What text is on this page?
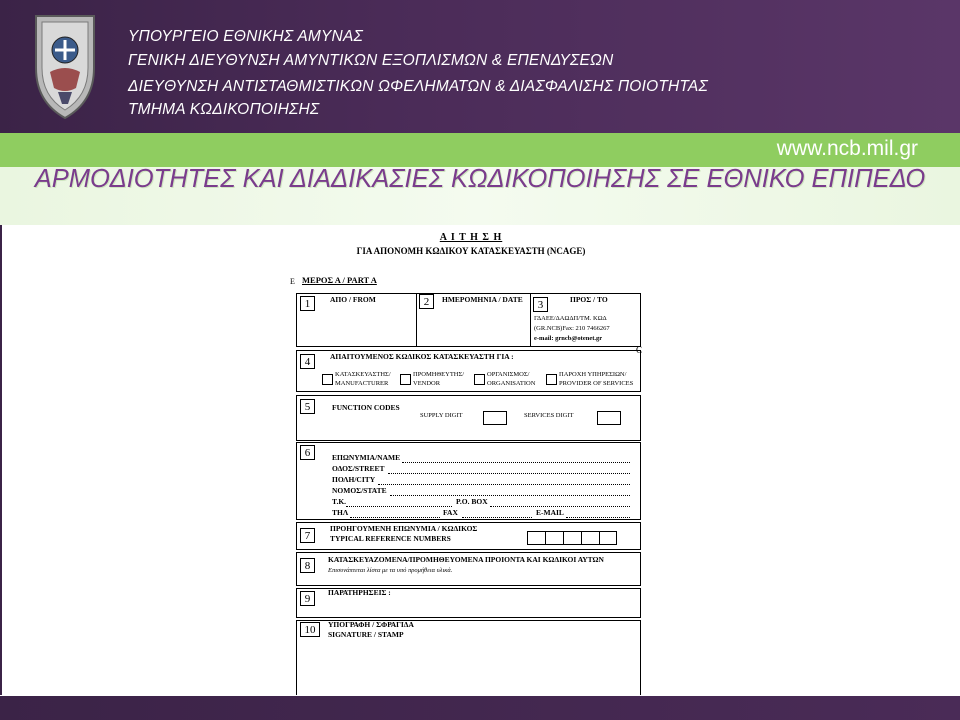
ΥΠΟΥΡΓΕΙΟ ΕΘΝΙΚΗΣ ΑΜΥΝΑΣ
ΓΕΝΙΚΗ ΔΙΕΥΘΥΝΣΗ ΑΜΥΝΤΙΚΩΝ ΕΞΟΠΛΙΣΜΩΝ & ΕΠΕΝΔΥΣΕΩΝ
ΔΙΕΥΘΥΝΣΗ ΑΝΤΙΣΤΑΘΜΙΣΤΙΚΩΝ ΩΦΕΛΗΜΑΤΩΝ & ΔΙΑΣΦΑΛΙΣΗΣ ΠΟΙΟΤΗΤΑΣ
ΤΜΗΜΑ ΚΩΔΙΚΟΠΟΙΗΣΗΣ
www.ncb.mil.gr
ΑΡΜΟΔΙΟΤΗΤΕΣ ΚΑΙ ΔΙΑΔΙΚΑΣΙΕΣ ΚΩΔΙΚΟΠΟΙΗΣΗΣ ΣΕ ΕΘΝΙΚΟ ΕΠΙΠΕΔΟ
Α Ι Τ Η Σ Η
ΓΙΑ ΑΠΟΝΟΜΗ ΚΩΔΙΚΟΥ ΚΑΤΑΣΚΕΥΑΣΤΗ (NCAGE)
ΜΕΡΟΣ Α / PART A
E
1	ΑΠΟ / FROM	2	ΗΜΕΡΟΜΗΝΙΑ / DATE	3	ΠΡΟΣ / TO
ΓΔΑΕΕ/ΔΑΩΔΠ/ΤΜ. ΚΩΔ
(GR.NCB)Fax: 210 7466267
e-mail: grncb@otenet.gr
C
4	ΑΠΑΙΤΟΥΜΕΝΟΣ ΚΩΔΙΚΟΣ ΚΑΤΑΣΚΕΥΑΣΤΗ ΓΙΑ :
ΚΑΤΑΣΚΕΥΑΣΤΗΣ/
MANUFACTURER
ΠΡΟΜΗΘΕΥΤΗΣ/
VENDOR
ΟΡΓΑΝΙΣΜΟΣ/
ORGANISATION
ΠΑΡΟΧΗ ΥΠΗΡΕΣΙΩΝ/
PROVIDER OF SERVICES
5	FUNCTION CODES
SUPPLY DIGIT	SERVICES DIGIT
6	ΕΠΩΝΥΜΙΑ/NAME
ΟΔΟΣ/STREET
ΠΟΛΗ/CITY
ΝΟΜΟΣ/STATE
Τ.Κ.	P.O. BOX
ΤΗΛ	FAX	E-MAIL
7
ΠΡΟΗΓΟΥΜΕΝΗ ΕΠΩΝΥΜΙΑ / ΚΩΔΙΚΟΣ
TYPICAL REFERENCE NUMBERS
8
ΚΑΤΑΣΚΕΥΑΖΟΜΕΝΑ/ΠΡΟΜΗΘΕΥΟΜΕΝΑ ΠΡΟΙΟΝΤΑ ΚΑΙ ΚΩΔΙΚΟΙ ΑΥΤΩΝ
Επισυνάπτεται λίστα με τα υπό προμήθεια υλικά.
9
ΠΑΡΑΤΗΡΗΣΕΙΣ :
10	ΥΠΟΓΡΑΦΗ / ΣΦΡΑΓΙΔΑ
SIGNATURE / STAMP
